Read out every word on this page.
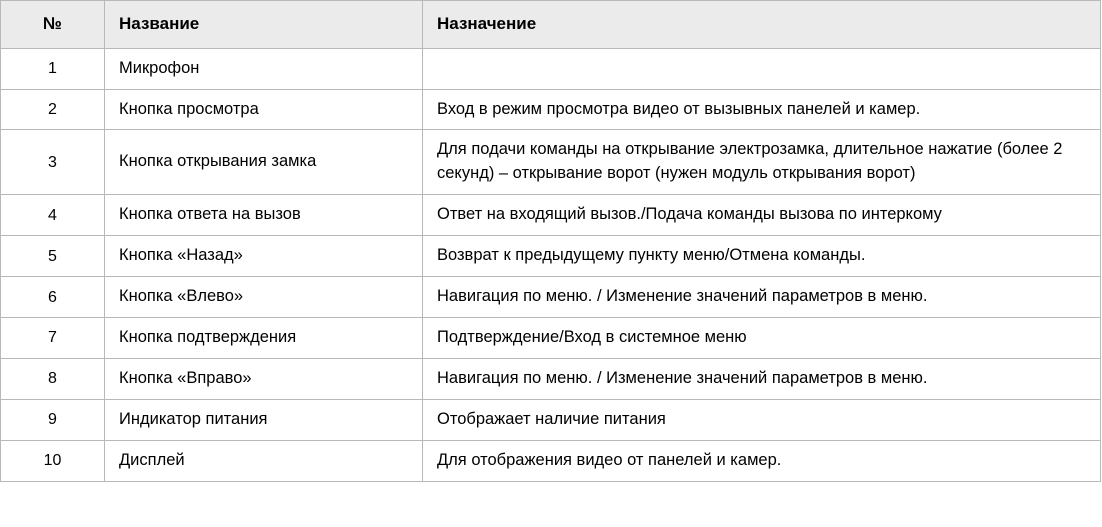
№	Название	Назначение
1	Микрофон	
2	Кнопка просмотра	Вход в режим просмотра видео от вызывных панелей и камер.
3	Кнопка открывания замка	Для подачи команды на открывание электрозамка, длительное нажатие (более 2 секунд) – открывание ворот (нужен модуль открывания ворот)
4	Кнопка ответа на вызов	Ответ на входящий вызов./Подача команды вызова по интеркому
5	Кнопка «Назад»	Возврат к предыдущему пункту меню/Отмена команды.
6	Кнопка «Влево»	Навигация по меню. / Изменение значений параметров в меню.
7	Кнопка подтверждения	Подтверждение/Вход в системное меню
8	Кнопка «Вправо»	Навигация по меню. / Изменение значений параметров в меню.
9	Индикатор питания	Отображает наличие питания
10	Дисплей	Для отображения видео от панелей и камер.
